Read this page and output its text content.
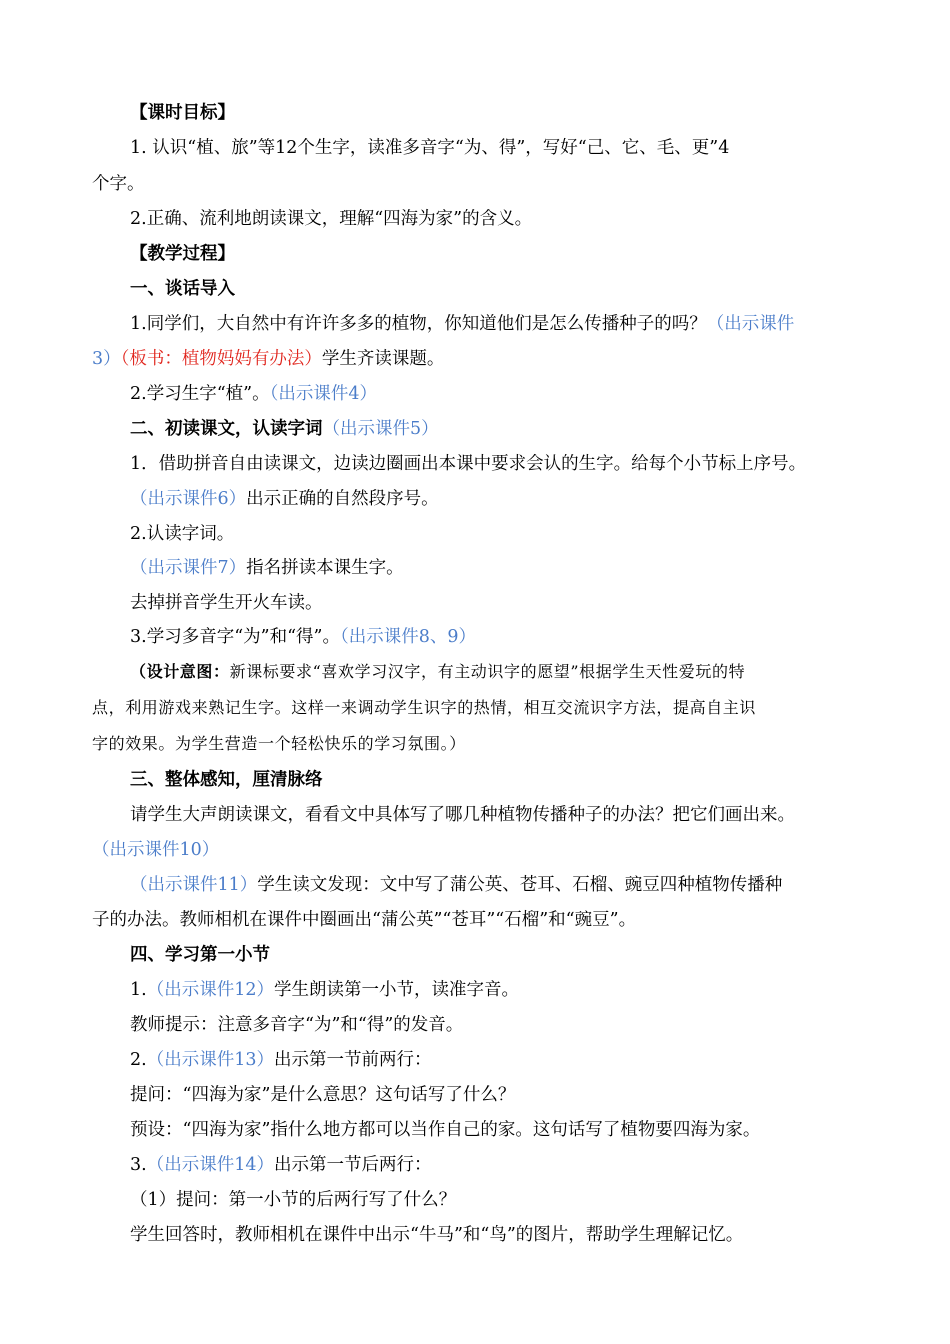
【课时目标】
1. 认识“植、旅”等12个生字，读准多音字“为、得”，写好“己、它、毛、更”4
个字。
2.正确、流利地朗读课文，理解“四海为家”的含义。
【教学过程】
一、谈话导入
1.同学们，大自然中有许许多多的植物，你知道他们是怎么传播种子的吗？（出示课件
3）（板书：植物妈妈有办法）学生齐读课题。
2.学习生字“植”。（出示课件4）
二、初读课文，认读字词（出示课件5）
1．借助拼音自由读课文，边读边圈画出本课中要求会认的生字。给每个小节标上序号。
（出示课件6）出示正确的自然段序号。
2.认读字词。
（出示课件7）指名拼读本课生字。
去掉拼音学生开火车读。
3.学习多音字“为”和“得”。（出示课件8、9）
（设计意图：新课标要求“喜欢学习汉字，有主动识字的愿望”根据学生天性爱玩的特
点，利用游戏来熟记生字。这样一来调动学生识字的热情，相互交流识字方法，提高自主识
字的效果。为学生营造一个轻松快乐的学习氛围。）
三、整体感知，厘清脉络
请学生大声朗读课文，看看文中具体写了哪几种植物传播种子的办法？把它们画出来。
（出示课件10）
（出示课件11）学生读文发现：文中写了蒲公英、苍耳、石榴、豌豆四种植物传播种
子的办法。教师相机在课件中圈画出“蒲公英”“苍耳”“石榴”和“豌豆”。
四、学习第一小节
1.（出示课件12）学生朗读第一小节，读准字音。
教师提示：注意多音字“为”和“得”的发音。
2.（出示课件13）出示第一节前两行：
提问：“四海为家”是什么意思？这句话写了什么？
预设：“四海为家”指什么地方都可以当作自己的家。这句话写了植物要四海为家。
3.（出示课件14）出示第一节后两行：
（1）提问：第一小节的后两行写了什么？
学生回答时，教师相机在课件中出示“牛马”和“鸟”的图片，帮助学生理解记忆。
